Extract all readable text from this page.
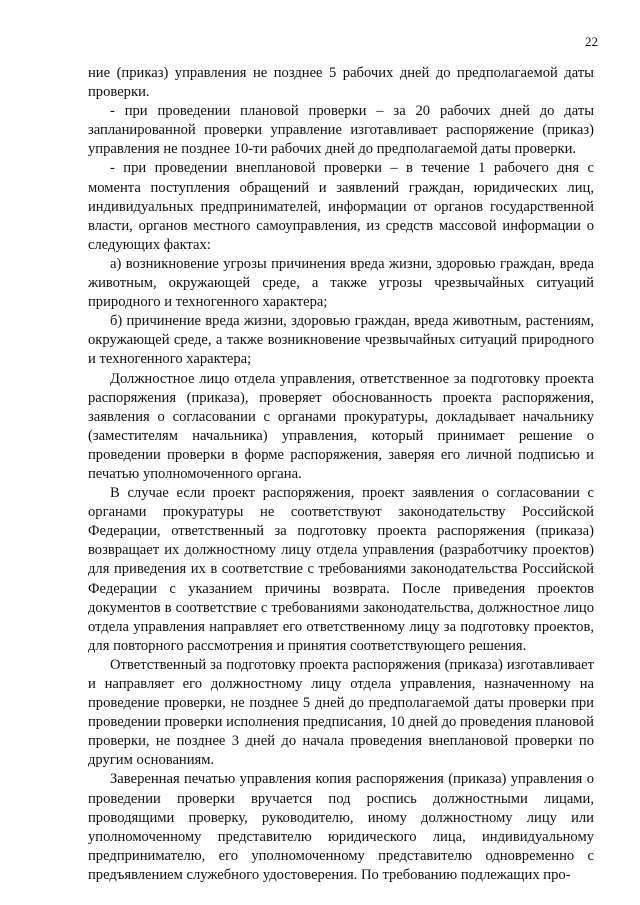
22

ние (приказ) управления не позднее 5 рабочих дней до предполагаемой даты проверки.

- при проведении плановой проверки – за 20 рабочих дней до даты запланированной проверки управление изготавливает распоряжение (приказ) управления не позднее 10-ти рабочих дней до предполагаемой даты проверки.

- при проведении внеплановой проверки – в течение 1 рабочего дня с момента поступления обращений и заявлений граждан, юридических лиц, индивидуальных предпринимателей, информации от органов государственной власти, органов местного самоуправления, из средств массовой информации о следующих фактах:

а) возникновение угрозы причинения вреда жизни, здоровью граждан, вреда животным, окружающей среде, а также угрозы чрезвычайных ситуаций природного и техногенного характера;

б) причинение вреда жизни, здоровью граждан, вреда животным, растениям, окружающей среде, а также возникновение чрезвычайных ситуаций природного и техногенного характера;

Должностное лицо отдела управления, ответственное за подготовку проекта распоряжения (приказа), проверяет обоснованность проекта распоряжения, заявления о согласовании с органами прокуратуры, докладывает начальнику (заместителям начальника) управления, который принимает решение о проведении проверки в форме распоряжения, заверяя его личной подписью и печатью уполномоченного органа.

В случае если проект распоряжения, проект заявления о согласовании с органами прокуратуры не соответствуют законодательству Российской Федерации, ответственный за подготовку проекта распоряжения (приказа) возвращает их должностному лицу отдела управления (разработчику проектов) для приведения их в соответствие с требованиями законодательства Российской Федерации с указанием причины возврата. После приведения проектов документов в соответствие с требованиями законодательства, должностное лицо отдела управления направляет его ответственному лицу за подготовку проектов, для повторного рассмотрения и принятия соответствующего решения.

Ответственный за подготовку проекта распоряжения (приказа) изготавливает и направляет его должностному лицу отдела управления, назначенному на проведение проверки, не позднее 5 дней до предполагаемой даты проверки при проведении проверки исполнения предписания, 10 дней до проведения плановой проверки, не позднее 3 дней до начала проведения внеплановой проверки по другим основаниям.

Заверенная печатью управления копия распоряжения (приказа) управления о проведении проверки вручается под роспись должностными лицами, проводящими проверку, руководителю, иному должностному лицу или уполномоченному представителю юридического лица, индивидуальному предпринимателю, его уполномоченному представителю одновременно с предъявлением служебного удостоверения. По требованию подлежащих про-
